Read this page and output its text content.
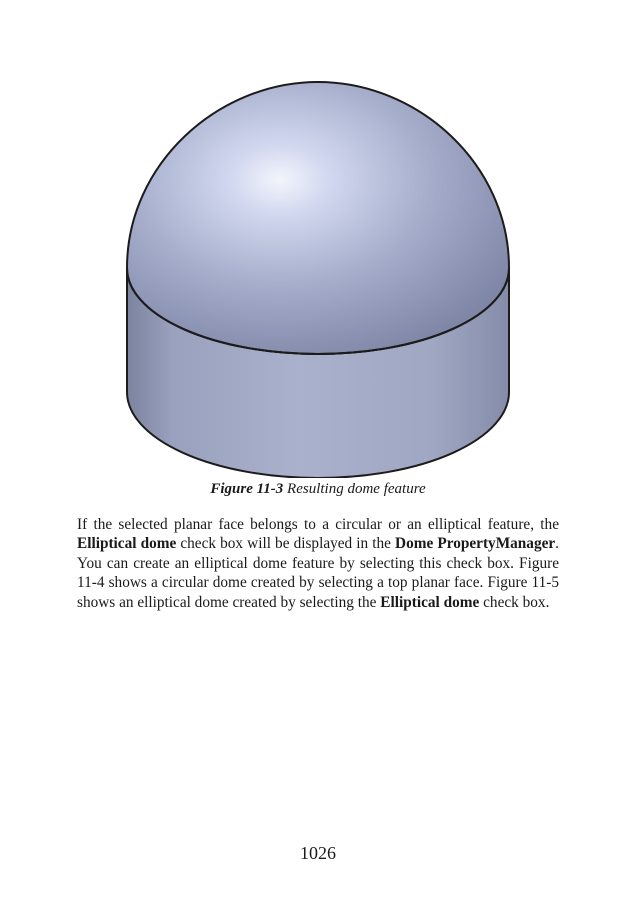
Figure 11-3 Resulting dome feature

If the selected planar face belongs to a circular or an elliptical feature, the Elliptical dome check box will be displayed in the Dome PropertyManager. You can create an elliptical dome feature by selecting this check box. Figure 11-4 shows a circular dome created by selecting a top planar face. Figure 11-5 shows an elliptical dome created by selecting the Elliptical dome check box.

1026
